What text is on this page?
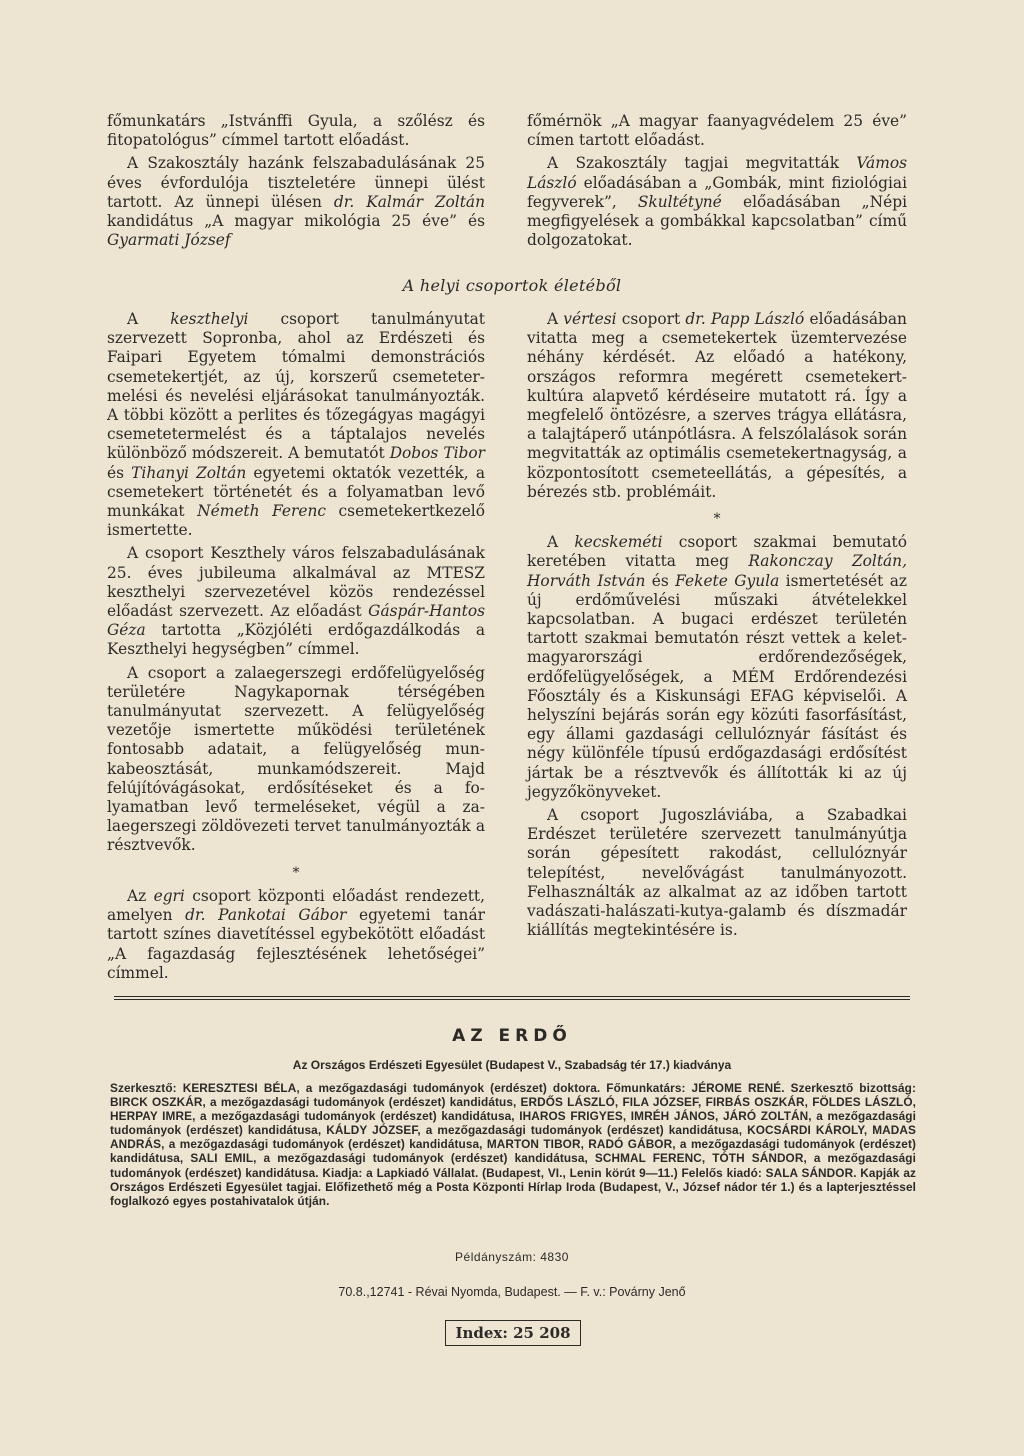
főmunkatárs „Istvánffi Gyula, a szőlész és fitopatológus” címmel tartott előadást.

A Szakosztály hazánk felszabadulásának 25 éves évfordulója tiszteletére ünnepi ülést tartott. Az ünnepi ülésen dr. Kalmár Zoltán kandidátus „A magyar mikológia 25 éve” és Gyarmati József

főmérnök „A magyar faanyagvédelem 25 éve” címen tartott előadást.

A Szakosztály tagjai megvitatták Vámos László előadásában a „Gombák, mint fiziológiai fegyverek”, Skultétyné előadásában „Népi megfigyelések a gombákkal kapcsolatban” című dolgozatokat.

A helyi csoportok életéből

A keszthelyi csoport tanulmányutat szervezett Sopronba, ahol az Erdészeti és Faipari Egyetem tómalmi demonstrációs csemetekertjét, az új, korszerű csemetetermelési és nevelési eljárásokat tanulmányozták. A többi között a perlites és tőzegágyas magágyi csemetetermelést és a táptalajos nevelés különböző módszereit. A bemutatót Dobos Tibor és Tihanyi Zoltán egyetemi oktatók vezették, a csemetekert történetét és a folyamatban levő munkákat Németh Ferenc csemetekertkezelő ismertette.

A csoport Keszthely város felszabadulásának 25. éves jubileuma alkalmával az MTESZ keszthelyi szervezetével közös rendezéssel előadást szervezett. Az előadást Gáspár-Hantos Géza tartotta „Közjóléti erdőgazdálkodás a Keszthelyi hegységben” címmel.

A csoport a zalaegerszegi erdőfelügyelőség területére Nagykapornak térségében tanulmányutat szervezett. A felügyelőség vezetője ismertette működési területének fontosabb adatait, a felügyelőség munkabeosztását, munkamódszereit. Majd felújítóvágásokat, erdősítéseket és a folyamatban levő termeléseket, végül a zalaegerszegi zöldövezeti tervet tanulmányozták a résztvevők.

*

Az egri csoport központi előadást rendezett, amelyen dr. Pankotai Gábor egyetemi tanár tartott színes diavetítéssel egybekötött előadást „A fagazdaság fejlesztésének lehetőségei” címmel.

A vértesi csoport dr. Papp László előadásában vitatta meg a csemetekertek üzemtervezése néhány kérdését. Az előadó a hatékony, országos reformra megérett csemetekert-kultúra alapvető kérdéseire mutatott rá. Így a megfelelő öntözésre, a szerves trágya ellátásra, a talajtáperő utánpótlásra. A felszólalások során megvitatták az optimális csemetekertnagyság, a központosított csemeteellátás, a gépesítés, a bérezés stb. problémáit.

*

A kecskeméti csoport szakmai bemutató keretében vitatta meg Rakonczay Zoltán, Horváth István és Fekete Gyula ismertetését az új erdőművelési műszaki átvételekkel kapcsolatban. A bugaci erdészet területén tartott szakmai bemutatón részt vettek a kelet-magyarországi erdőrendezőségek, erdőfelügyelőségek, a MÉM Erdőrendezési Főosztály és a Kiskunsági EFAG képviselői. A helyszíni bejárás során egy közúti fasorfásítást, egy állami gazdasági cellulóznyár fásítást és négy különféle típusú erdőgazdasági erdősítést jártak be a résztvevők és állították ki az új jegyzőkönyveket.

A csoport Jugoszláviába, a Szabadkai Erdészet területére szervezett tanulmányútja során gépesített rakodást, cellulóznyár telepítést, nevelővágást tanulmányozott. Felhasználták az alkalmat az az időben tartott vadászati-halászati-kutya-galamb és díszmadár kiállítás megtekintésére is.

AZ ERDŐ
Az Országos Erdészeti Egyesület (Budapest V., Szabadság tér 17.) kiadványa
Szerkesztő: KERESZTESI BÉLA, a mezőgazdasági tudományok (erdészet) doktora. Főmunkatárs: JÉROME RENÉ. Szerkesztő bizottság: BIRCK OSZKÁR, a mezőgazdasági tudományok (erdészet) kandidátus, ERDŐS LÁSZLÓ, FILA JÓZSEF, FIRBÁS OSZKÁR, FÖLDES LÁSZLÓ, HERPAY IMRE, a mezőgazdasági tudományok (erdészet) kandidátusa, IHAROS FRIGYES, IMRÉH JÁNOS, JÁRÓ ZOLTÁN, a mezőgazdasági tudományok (erdészet) kandidátusa, KÁLDY JÓZSEF, a mezőgazdasági tudományok (erdészet) kandidátusa, KOCSÁRDI KÁROLY, MADAS ANDRÁS, a mezőgazdasági tudományok (erdészet) kandidátusa, MARTON TIBOR, RADÓ GÁBOR, a mezőgazdasági tudományok (erdészet) kandidátusa, SALI EMIL, a mezőgazdasági tudományok (erdészet) kandidátusa, SCHMAL FERENC, TÓTH SÁNDOR, a mezőgazdasági tudományok (erdészet) kandidátusa. Kiadja: a Lapkiadó Vállalat. (Budapest, VI., Lenin körút 9—11.) Felelős kiadó: SALA SÁNDOR. Kapják az Országos Erdészeti Egyesület tagjai. Előfizethető még a Posta Központi Hírlap Iroda (Budapest, V., József nádor tér 1.) és a lapterjesztéssel foglalkozó egyes postahivatalok útján.
Példányszám: 4830
70.8.,12741 - Révai Nyomda, Budapest. — F. v.: Povárny Jenő
Index: 25 208
